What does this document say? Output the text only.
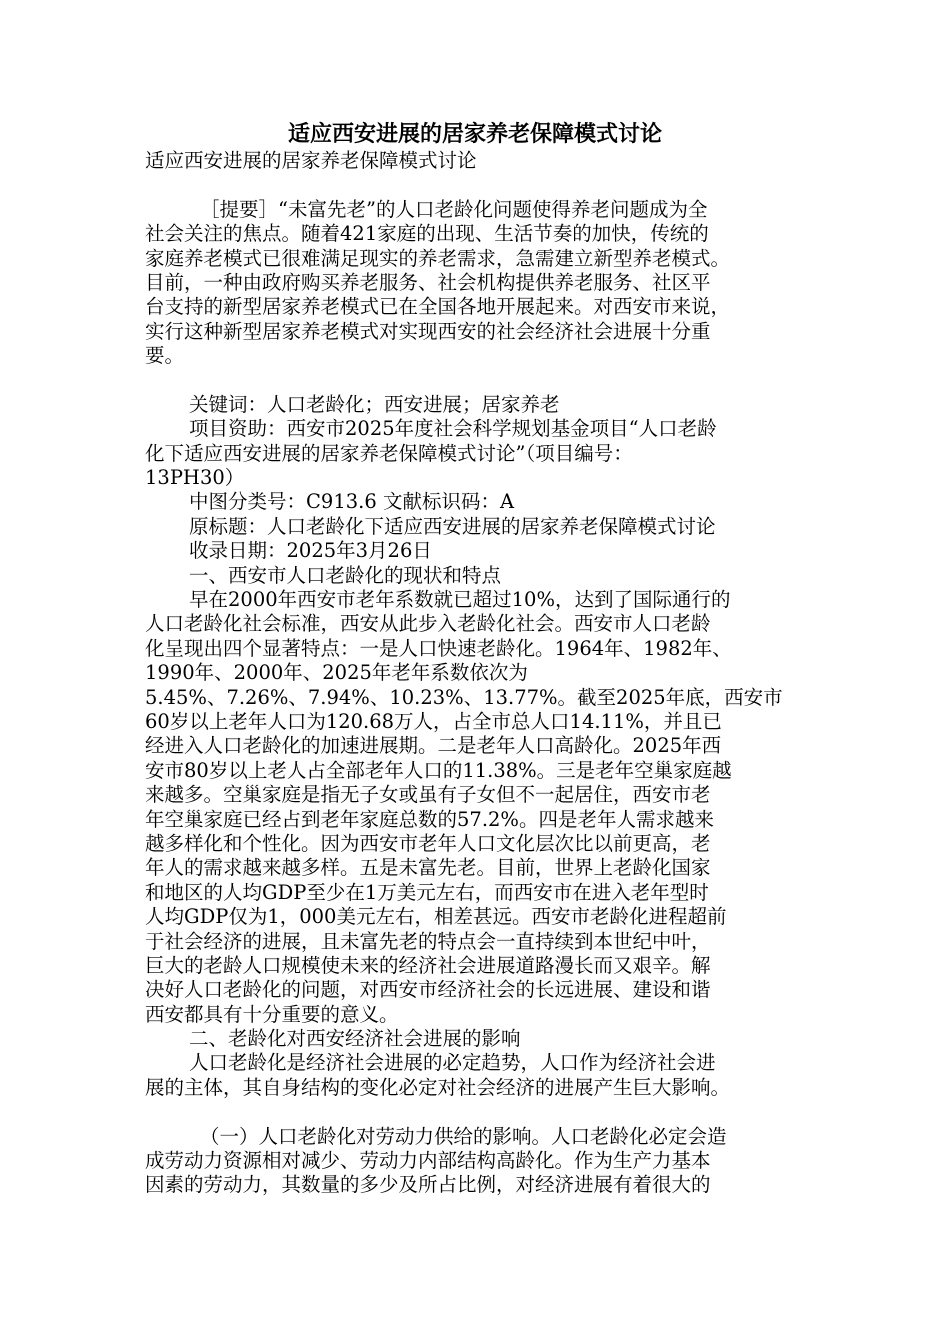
适应西安进展的居家养老保障模式讨论
适应西安进展的居家养老保障模式讨论
［提要］“未富先老”的人口老龄化问题使得养老问题成为全
社会关注的焦点。随着421家庭的出现、生活节奏的加快，传统的
家庭养老模式已很难满足现实的养老需求，急需建立新型养老模式。
目前，一种由政府购买养老服务、社会机构提供养老服务、社区平
台支持的新型居家养老模式已在全国各地开展起来。对西安市来说，
实行这种新型居家养老模式对实现西安的社会经济社会进展十分重
要。
关键词：人口老龄化；西安进展；居家养老
项目资助：西安市2025年度社会科学规划基金项目“人口老龄
化下适应西安进展的居家养老保障模式讨论”（项目编号：
13PH30）
中图分类号：C913.6 文献标识码：A
原标题：人口老龄化下适应西安进展的居家养老保障模式讨论
收录日期：2025年3月26日
一、西安市人口老龄化的现状和特点
早在2000年西安市老年系数就已超过10%，达到了国际通行的
人口老龄化社会标准，西安从此步入老龄化社会。西安市人口老龄
化呈现出四个显著特点：一是人口快速老龄化。1964年、1982年、
1990年、2000年、2025年老年系数依次为
5.45%、7.26%、7.94%、10.23%、13.77%。截至2025年底，西安市
60岁以上老年人口为120.68万人，占全市总人口14.11%，并且已
经进入人口老龄化的加速进展期。二是老年人口高龄化。2025年西
安市80岁以上老人占全部老年人口的11.38%。三是老年空巢家庭越
来越多。空巢家庭是指无子女或虽有子女但不一起居住，西安市老
年空巢家庭已经占到老年家庭总数的57.2%。四是老年人需求越来
越多样化和个性化。因为西安市老年人口文化层次比以前更高，老
年人的需求越来越多样。五是未富先老。目前，世界上老龄化国家
和地区的人均GDP至少在1万美元左右，而西安市在进入老年型时
人均GDP仅为1，000美元左右，相差甚远。西安市老龄化进程超前
于社会经济的进展，且未富先老的特点会一直持续到本世纪中叶，
巨大的老龄人口规模使未来的经济社会进展道路漫长而又艰辛。解
决好人口老龄化的问题，对西安市经济社会的长远进展、建设和谐
西安都具有十分重要的意义。
二、老龄化对西安经济社会进展的影响
人口老龄化是经济社会进展的必定趋势，人口作为经济社会进
展的主体，其自身结构的变化必定对社会经济的进展产生巨大影响。
（一）人口老龄化对劳动力供给的影响。人口老龄化必定会造
成劳动力资源相对减少、劳动力内部结构高龄化。作为生产力基本
因素的劳动力，其数量的多少及所占比例，对经济进展有着很大的
